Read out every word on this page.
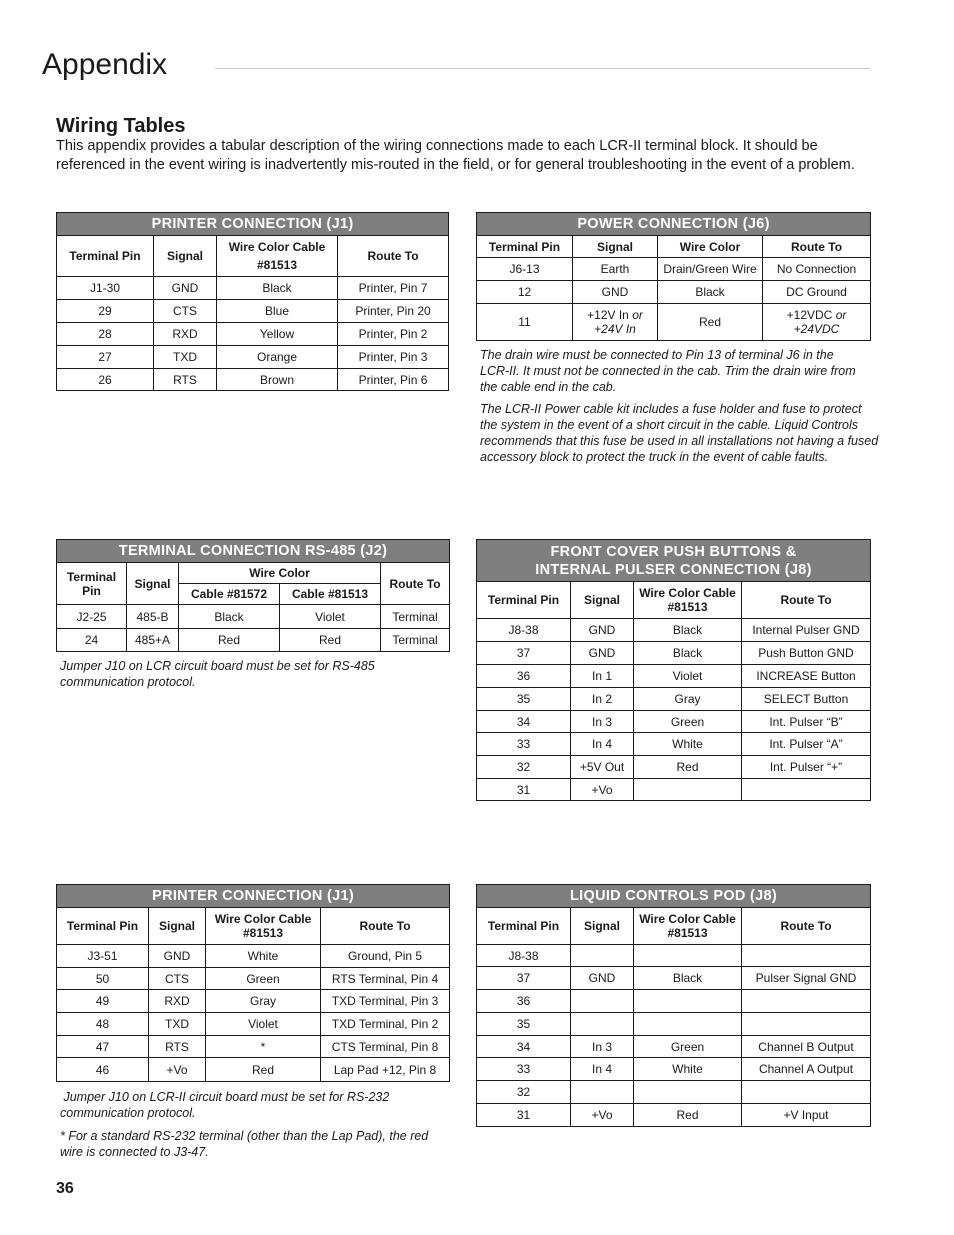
Appendix
Wiring Tables

This appendix provides a tabular description of the wiring connections made to each LCR-II terminal block. It should be referenced in the event wiring is inadvertently mis-routed in the field, or for general troubleshooting in the event of a problem.

PRINTER CONNECTION (J1)			
Terminal Pin	Signal	Wire Color Cable #81513	Route To
J1-30	GND	Black	Printer, Pin 7
29	CTS	Blue	Printer, Pin 20
28	RXD	Yellow	Printer, Pin 2
27	TXD	Orange	Printer, Pin 3
26	RTS	Brown	Printer, Pin 6
POWER CONNECTION (J6)			
Terminal Pin	Signal	Wire Color	Route To
J6-13	Earth	Drain/Green Wire	No Connection
12	GND	Black	DC Ground
11	+12V In or
+24V In	Red	+12VDC or
+24VDC

The drain wire must be connected to Pin 13 of terminal J6 in the LCR-II. It must not be connected in the cab. Trim the drain wire from the cable end in the cab.

The LCR-II Power cable kit includes a fuse holder and fuse to protect the system in the event of a short circuit in the cable. Liquid Controls recommends that this fuse be used in all installations not having a fused accessory block to protect the truck in the event of cable faults.

TERMINAL CONNECTION RS-485 (J2)				
Terminal Pin	Signal	Wire Color		Route To
		Cable #81572	Cable #81513	
J2-25	485-B	Black	Violet	Terminal
24	485+A	Red	Red	Terminal

Jumper J10 on LCR circuit board must be set for RS-485 communication protocol.

FRONT COVER PUSH BUTTONS &
INTERNAL PULSER CONNECTION (J8)			
Terminal Pin	Signal	Wire Color Cable #81513	Route To
J8-38	GND	Black	Internal Pulser GND
37	GND	Black	Push Button GND
36	In 1	Violet	INCREASE Button
35	In 2	Gray	SELECT Button
34	In 3	Green	Int. Pulser “B”
33	In 4	White	Int. Pulser “A”
32	+5V Out	Red	Int. Pulser “+”
31	+Vo		
PRINTER CONNECTION (J1)			
Terminal Pin	Signal	Wire Color Cable #81513	Route To
J3-51	GND	White	Ground, Pin 5
50	CTS	Green	RTS Terminal, Pin 4
49	RXD	Gray	TXD Terminal, Pin 3
48	TXD	Violet	TXD Terminal, Pin 2
47	RTS	*	CTS Terminal, Pin 8
46	+Vo	Red	Lap Pad +12, Pin 8

Jumper J10 on LCR-II circuit board must be set for RS-232 communication protocol.

* For a standard RS-232 terminal (other than the Lap Pad), the red wire is connected to J3-47.

LIQUID CONTROLS POD (J8)			
Terminal Pin	Signal	Wire Color Cable #81513	Route To
J8-38			
37	GND	Black	Pulser Signal GND
36			
35			
34	In 3	Green	Channel B Output
33	In 4	White	Channel A Output
32			
31	+Vo	Red	+V Input

36
